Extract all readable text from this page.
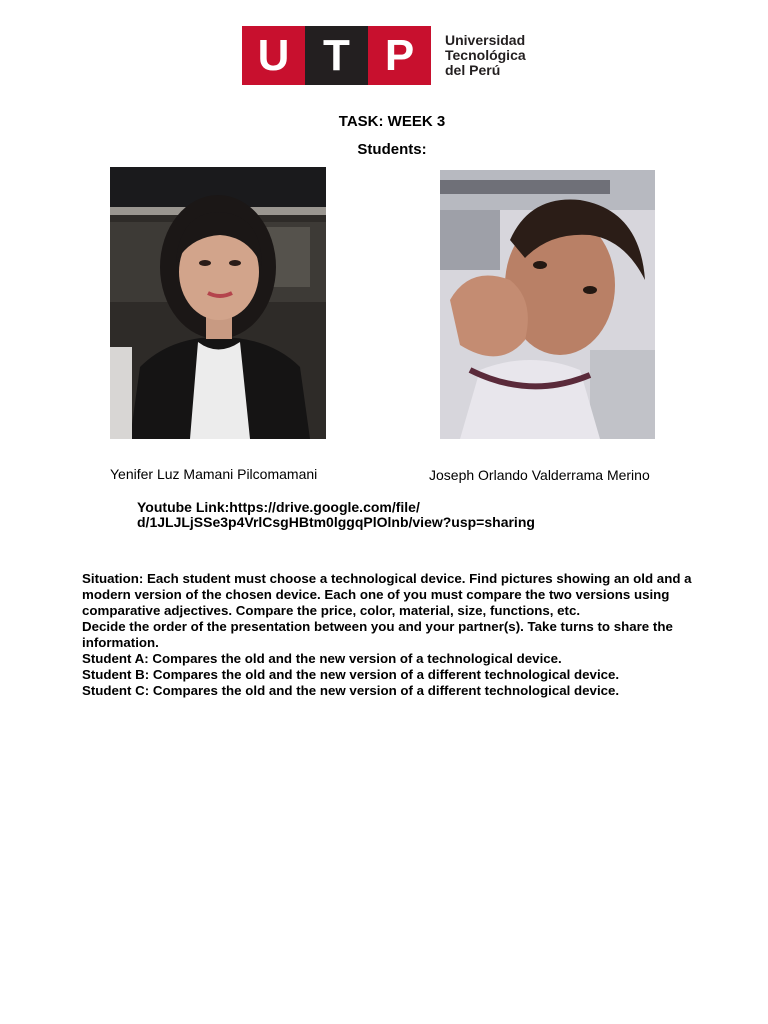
U T P	Universidad
Tecnológica
del Perú
TASK: WEEK 3
Students:
Yenifer Luz Mamani Pilcomamani	Joseph Orlando Valderrama Merino
Youtube Link:https://drive.google.com/file/
d/1JLJLjSSe3p4VrlCsgHBtm0lggqPlOlnb/view?usp=sharing

Situation: Each student must choose a technological device. Find pictures showing an old and a modern version of the chosen device. Each one of you must compare the two versions using comparative adjectives. Compare the price, color, material, size, functions, etc.

Decide the order of the presentation between you and your partner(s). Take turns to share the information.

Student A: Compares the old and the new version of a technological device.

Student B: Compares the old and the new version of a different technological device.

Student C: Compares the old and the new version of a different technological device.
